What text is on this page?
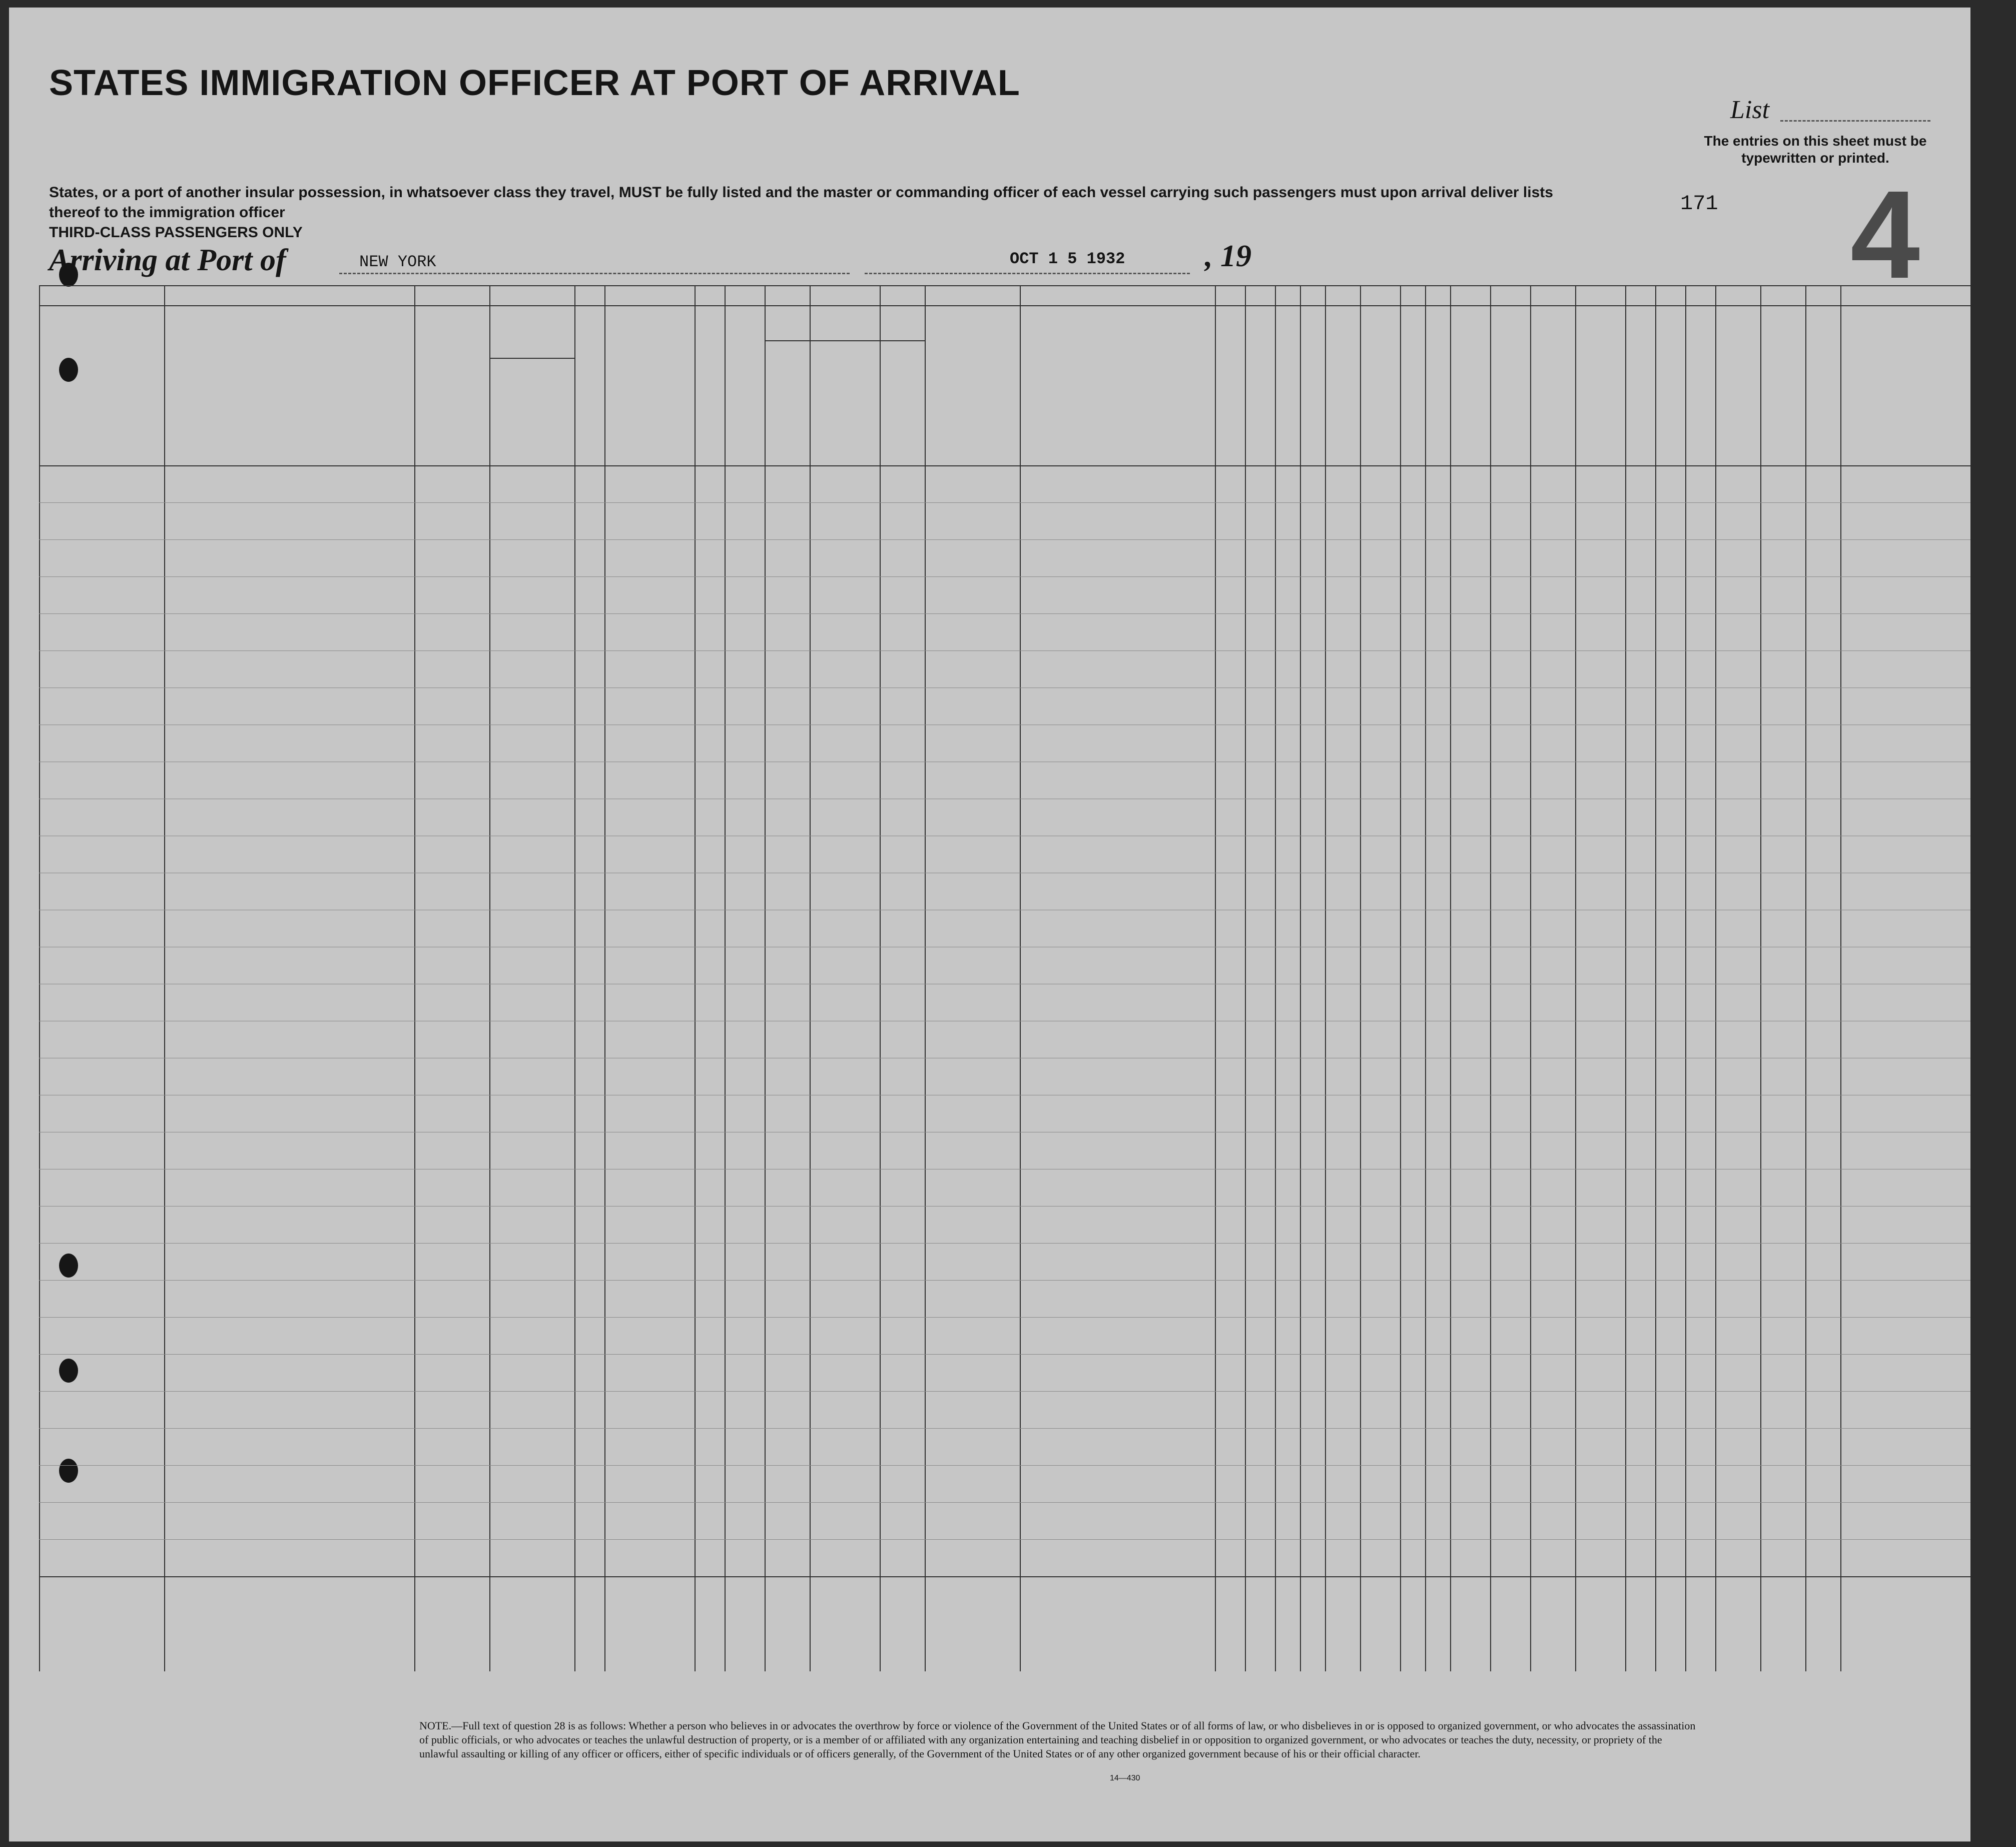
STATES IMMIGRATION OFFICER AT PORT OF ARRIVAL
States, or a port of another insular possession, in whatsoever class they travel, MUST be fully listed and the master or commanding officer of each vessel carrying such passengers must upon arrival deliver lists thereof to the immigration officer
THIRD-CLASS PASSENGERS ONLY
Arriving at Port of	NEW YORK	OCT 1 5 1932	, 19
List
The entries on this sheet must be typewritten or printed.
171 4
NOTE.—Full text of question 28 is as follows: Whether a person who believes in or advocates the overthrow by force or violence of the Government of the United States or of all forms of law, or who disbelieves in or is opposed to organized government, or who advocates the assassination of public officials, or who advocates or teaches the unlawful destruction of property, or is a member of or affiliated with any organization entertaining and teaching disbelief in or opposition to organized government, or who advocates or teaches the duty, necessity, or propriety of the unlawful assaulting or killing of any officer or officers, either of specific individuals or of officers generally, of the Government of the United States or of any other organized government because of his or their official character.
14—430
